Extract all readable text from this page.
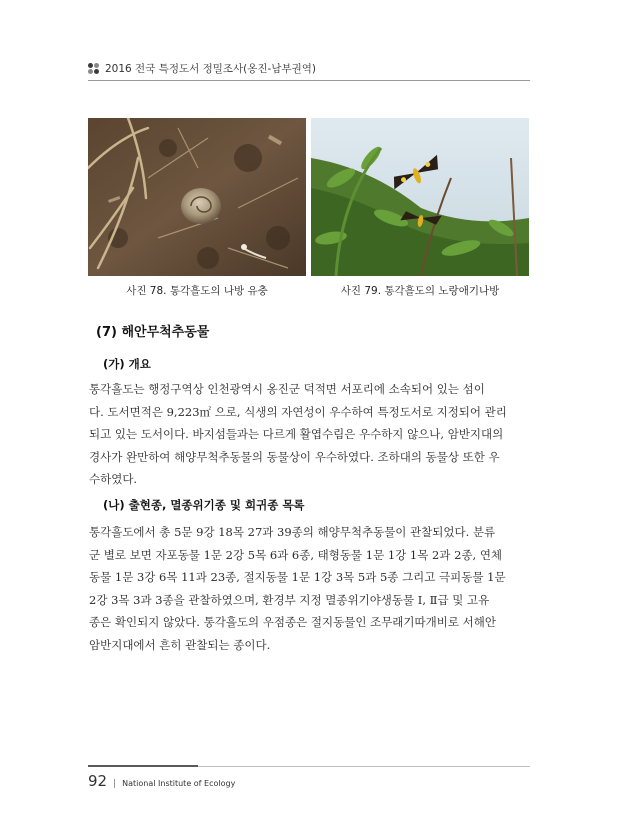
2016 전국 특정도서 정밀조사(옹진-남부권역)
사진 78. 통각흘도의 나방 유충	사진 79. 통각흘도의 노랑애기나방
(7) 해안무척추동물
(가) 개요

통각흘도는 행정구역상 인천광역시 옹진군 덕적면 서포리에 소속되어 있는 섬이
다. 도서면적은 9,223㎡ 으로, 식생의 자연성이 우수하여 특정도서로 지정되어 관리
되고 있는 도서이다. 바지섬들과는 다르게 활엽수림은 우수하지 않으나, 암반지대의
경사가 완만하여 해양무척추동물의 동물상이 우수하였다. 조하대의 동물상 또한 우
수하였다.

(나) 출현종, 멸종위기종 및 희귀종 목록

통각흘도에서 총 5문 9강 18목 27과 39종의 해양무척추동물이 관찰되었다. 분류
군 별로 보면 자포동물 1문 2강 5목 6과 6종, 태형동물 1문 1강 1목 2과 2종, 연체
동물 1문 3강 6목 11과 23종, 절지동물 1문 1강 3목 5과 5종 그리고 극피동물 1문
2강 3목 3과 3종을 관찰하였으며, 환경부 지정 멸종위기야생동물 Ⅰ, Ⅱ급 및 고유
종은 확인되지 않았다. 통각흘도의 우점종은 절지동물인 조무래기따개비로 서해안
암반지대에서 흔히 관찰되는 종이다.

92 | National Institute of Ecology
